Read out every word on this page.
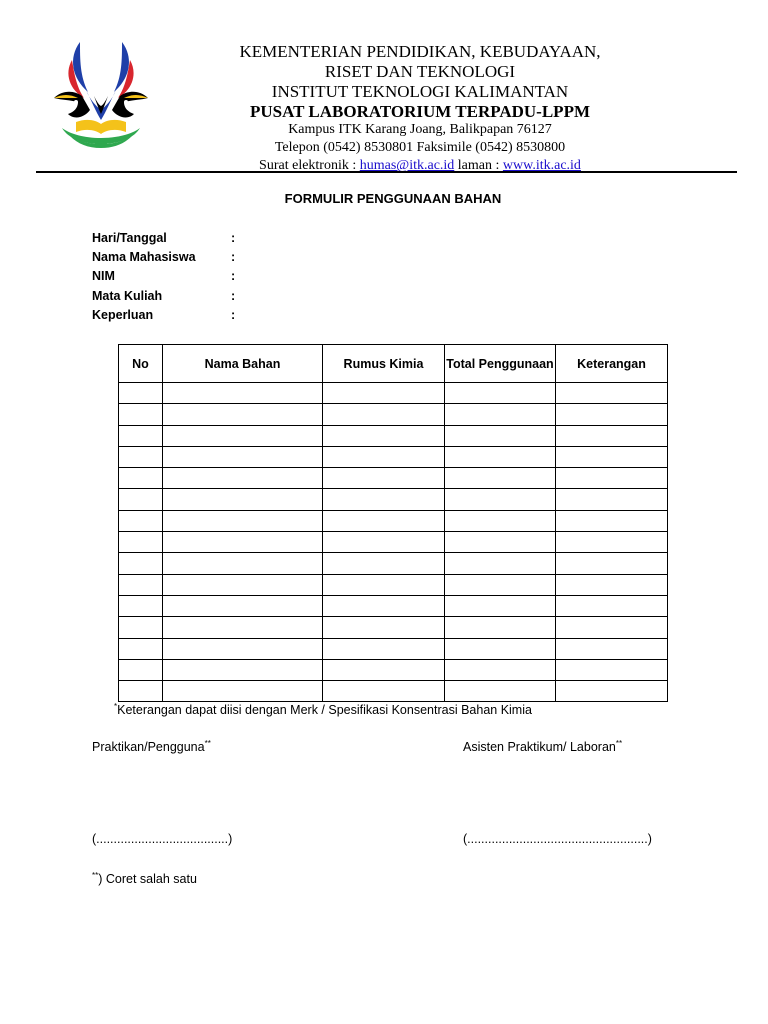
KEMENTERIAN PENDIDIKAN, KEBUDAYAAN,
RISET DAN TEKNOLOGI
INSTITUT TEKNOLOGI KALIMANTAN
PUSAT LABORATORIUM TERPADU-LPPM
Kampus ITK Karang Joang, Balikpapan 76127
Telepon (0542) 8530801 Faksimile (0542) 8530800
Surat elektronik : humas@itk.ac.id laman : www.itk.ac.id
FORMULIR PENGGUNAAN BAHAN
Hari/Tanggal	:
Nama Mahasiswa	:
NIM	:
Mata Kuliah	:
Keperluan	:
No	Nama Bahan	Rumus Kimia	Total Penggunaan	Keterangan

*Keterangan dapat diisi dengan Merk / Spesifikasi Konsentrasi Bahan Kimia
Praktikan/Pengguna**	Asisten Praktikum/ Laboran**
(......................................)	(....................................................)
**) Coret salah satu
